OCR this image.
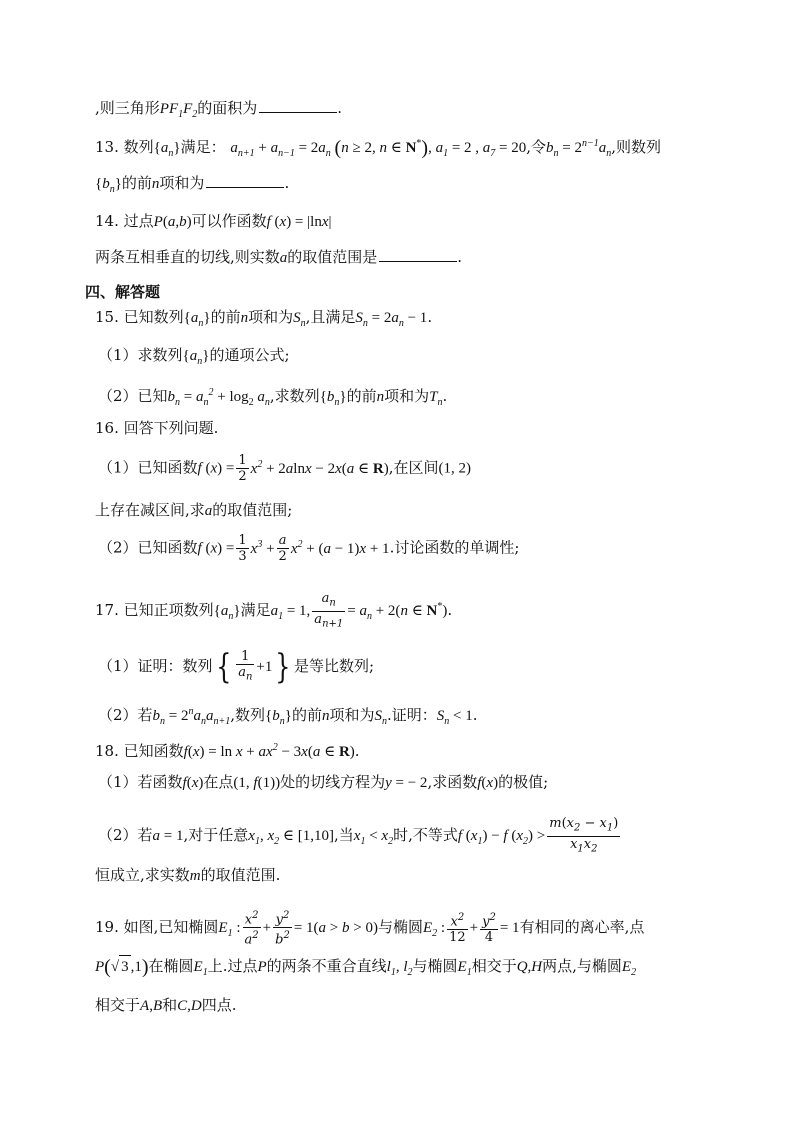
,则三角形$PF_1F_2$的面积为	.
13. 数列$\{a_n\}$满足： $a_{n+1} + a_{n-1} = 2a_n$ (n ≥ 2, n ∈ N*), $a_1 = 2$ , $a_7 = 20$,令$b_n = 2^{n-1}a_n$,则数列
$\{b_n\}$的前n项和为	.
14. 过点P(a,b)可以作函数f (x) = |lnx|
两条互相垂直的切线,则实数a的取值范围是	.
四、解答题
15. 已知数列$\{a_n\}$的前n项和为$S_n$,且满足$S_n = 2a_n - 1$.
（1）求数列$\{a_n\}$的通项公式;
（2）已知$b_n = a_n^2 + \log_2 a_n$,求数列$\{b_n\}$的前n项和为$T_n$.
16. 回答下列问题.
（1）已知函数f $(x) = \frac{1}{2} x^2 + 2alnx - 2x(a$ ∈ R),在区间(1, 2)
上存在减区间,求a的取值范围;
（2）已知函数f $(x) = \frac{1}{3} x^3 + \frac{a}{2} x^2 + (a - 1)x + 1$.讨论函数的单调性;
17. 已知正项数列$\{a_n\}$满足$a_1 = 1$, $\frac{a_n}{a_{n+1}} = a_n + 2(n$ ∈ N*).
（1）证明：数列{ $\frac{1}{a_n} +1$} 是等比数列;
（2）若$b_n = 2^na_na_{n+1}$,数列$\{b_n\}$的前n项和为$S_n$.证明：$S_n < 1$.
18. 已知函数$f(x) = \ln x + ax^2 - 3x(a$ ∈ R).
（1）若函数f(x)在点(1, f(1))处的切线方程为y = − 2,求函数f(x)的极值;
（2）若a = 1,对于任意$x_1$, $x_2$ ∈ [1,10],当$x_1 < x_2$时,不等式f $(x_1) - f$ $(x_2) > \frac{m(x_2 - x_1)}{x_1x_2}$
恒成立,求实数m的取值范围.
19. 如图,已知椭圆$E_1$ : $\frac{x^2}{a^2} + \frac{y^2}{b^2} = 1(a > b > 0)$与椭圆$E_2$ : $\frac{x^2}{12} + \frac{y^2}{4} = 1$有相同的离心率,点
P(√ 3 ,1)在椭圆$E_1$上.过点P的两条不重合直线$l_1$, $l_2$与椭圆$E_1$相交于Q,H两点,与椭圆$E_2$
相交于A,B和C,D四点.
